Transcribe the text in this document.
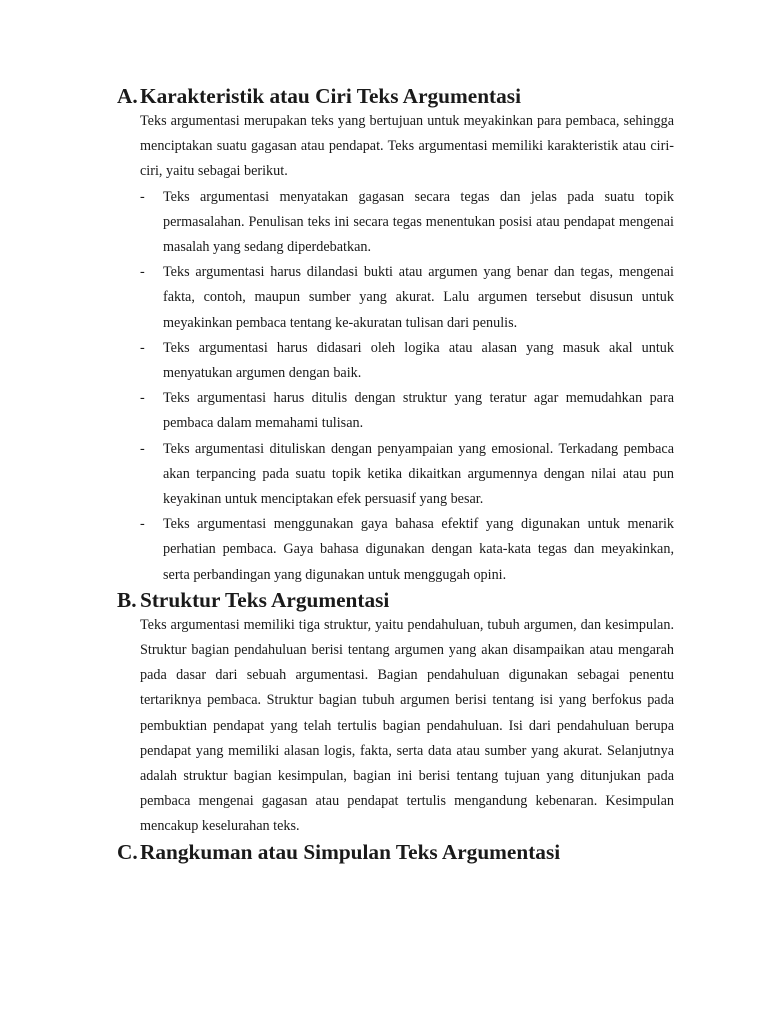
A. Karakteristik atau Ciri Teks Argumentasi

Teks argumentasi merupakan teks yang bertujuan untuk meyakinkan para pembaca, sehingga menciptakan suatu gagasan atau pendapat. Teks argumentasi memiliki karakteristik atau ciri-ciri, yaitu sebagai berikut.

- Teks argumentasi menyatakan gagasan secara tegas dan jelas pada suatu topik permasalahan. Penulisan teks ini secara tegas menentukan posisi atau pendapat mengenai masalah yang sedang diperdebatkan.
- Teks argumentasi harus dilandasi bukti atau argumen yang benar dan tegas, mengenai fakta, contoh, maupun sumber yang akurat. Lalu argumen tersebut disusun untuk meyakinkan pembaca tentang ke-akuratan tulisan dari penulis.
- Teks argumentasi harus didasari oleh logika atau alasan yang masuk akal untuk menyatukan argumen dengan baik.
- Teks argumentasi harus ditulis dengan struktur yang teratur agar memudahkan para pembaca dalam memahami tulisan.
- Teks argumentasi dituliskan dengan penyampaian yang emosional. Terkadang pembaca akan terpancing pada suatu topik ketika dikaitkan argumennya dengan nilai atau pun keyakinan untuk menciptakan efek persuasif yang besar.
- Teks argumentasi menggunakan gaya bahasa efektif yang digunakan untuk menarik perhatian pembaca. Gaya bahasa digunakan dengan kata-kata tegas dan meyakinkan, serta perbandingan yang digunakan untuk menggugah opini.
B. Struktur Teks Argumentasi

Teks argumentasi memiliki tiga struktur, yaitu pendahuluan, tubuh argumen, dan kesimpulan. Struktur bagian pendahuluan berisi tentang argumen yang akan disampaikan atau mengarah pada dasar dari sebuah argumentasi. Bagian pendahuluan digunakan sebagai penentu tertariknya pembaca. Struktur bagian tubuh argumen berisi tentang isi yang berfokus pada pembuktian pendapat yang telah tertulis bagian pendahuluan. Isi dari pendahuluan berupa pendapat yang memiliki alasan logis, fakta, serta data atau sumber yang akurat. Selanjutnya adalah struktur bagian kesimpulan, bagian ini berisi tentang tujuan yang ditunjukan pada pembaca mengenai gagasan atau pendapat tertulis mengandung kebenaran. Kesimpulan mencakup keselurahan teks.

C. Rangkuman atau Simpulan Teks Argumentasi
